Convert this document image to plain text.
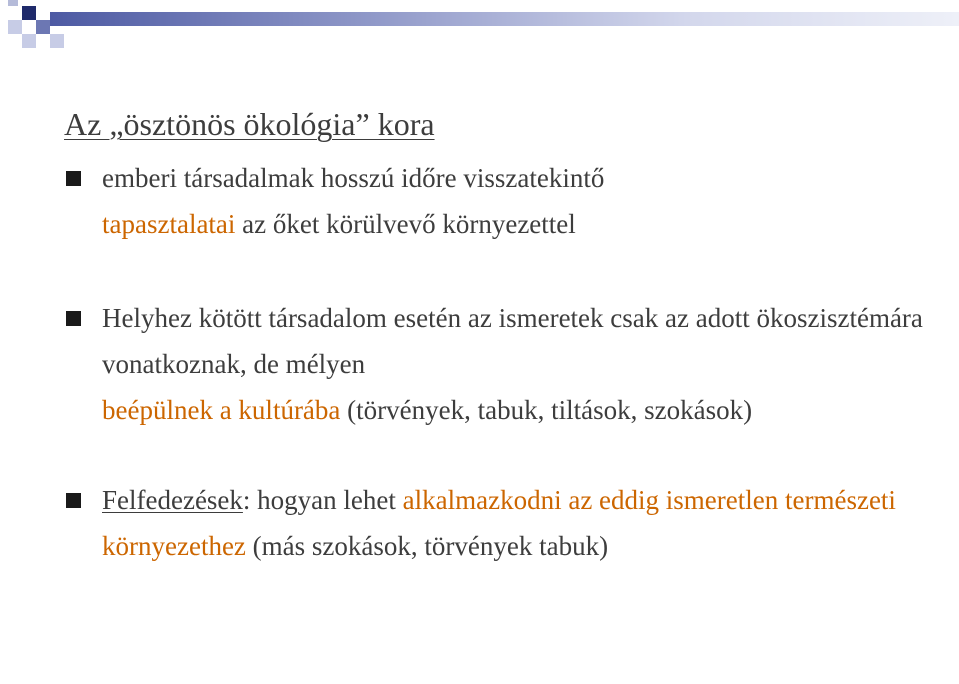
Az „ösztönös ökológia” kora
emberi társadalmak hosszú időre visszatekintő
tapasztalatai az őket körülvevő környezettel
Helyhez kötött társadalom esetén az ismeretek csak az adott ökoszisztémára vonatkoznak, de mélyen
beépülnek a kultúrába (törvények, tabuk, tiltások, szokások)
Felfedezések: hogyan lehet alkalmazkodni az eddig ismeretlen természeti környezethez (más szokások, törvények tabuk)
